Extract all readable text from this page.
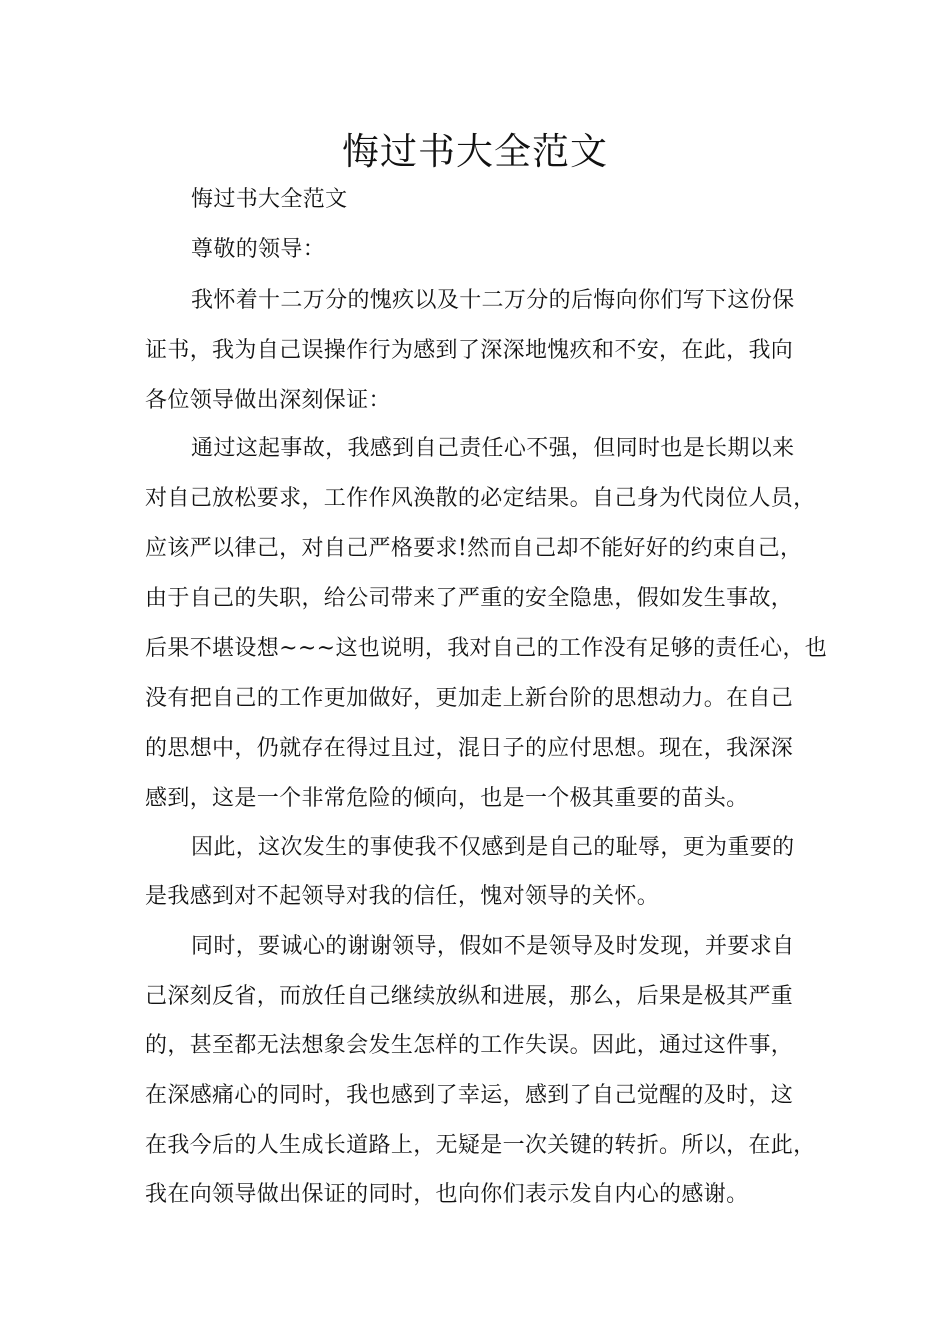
悔过书大全范文

悔过书大全范文

尊敬的领导：

我怀着十二万分的愧疚以及十二万分的后悔向你们写下这份保

证书，我为自己误操作行为感到了深深地愧疚和不安，在此，我向

各位领导做出深刻保证：

通过这起事故，我感到自己责任心不强，但同时也是长期以来

对自己放松要求，工作作风涣散的必定结果。自己身为代岗位人员，

应该严以律己，对自己严格要求!然而自己却不能好好的约束自己，

由于自己的失职，给公司带来了严重的安全隐患，假如发生事故，

后果不堪设想~~~这也说明，我对自己的工作没有足够的责任心，也

没有把自己的工作更加做好，更加走上新台阶的思想动力。在自己

的思想中，仍就存在得过且过，混日子的应付思想。现在，我深深

感到，这是一个非常危险的倾向，也是一个极其重要的苗头。

因此，这次发生的事使我不仅感到是自己的耻辱，更为重要的

是我感到对不起领导对我的信任，愧对领导的关怀。

同时，要诚心的谢谢领导，假如不是领导及时发现，并要求自

己深刻反省，而放任自己继续放纵和进展，那么，后果是极其严重

的，甚至都无法想象会发生怎样的工作失误。因此，通过这件事，

在深感痛心的同时，我也感到了幸运，感到了自己觉醒的及时，这

在我今后的人生成长道路上，无疑是一次关键的转折。所以，在此，

我在向领导做出保证的同时，也向你们表示发自内心的感谢。
